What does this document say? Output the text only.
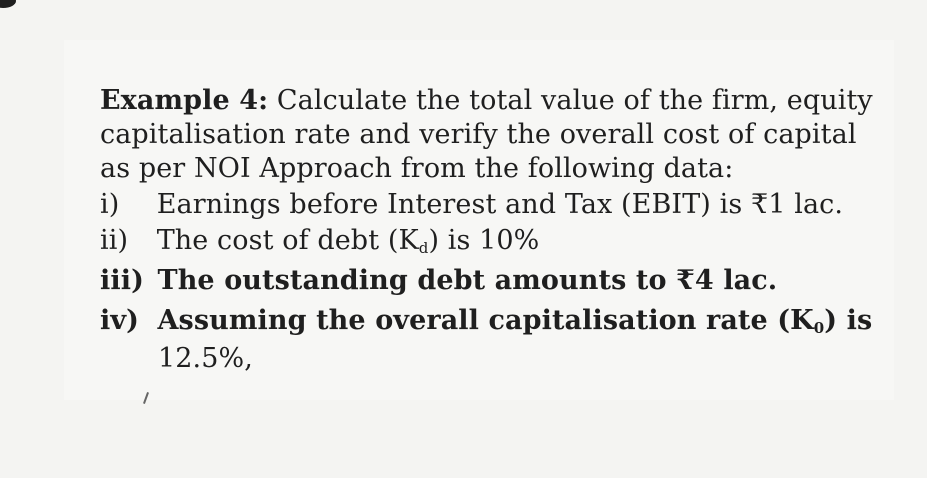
Example 4: Calculate the total value of the firm, equity
capitalisation rate and verify the overall cost of capital
as per NOI Approach from the following data:
i) Earnings before Interest and Tax (EBIT) is ₹1 lac.
ii) The cost of debt $(K_d)$ is 10%
iii) The outstanding debt amounts to ₹4 lac.
iv) Assuming the overall capitalisation rate $(K_0)$ is
12.5%,
